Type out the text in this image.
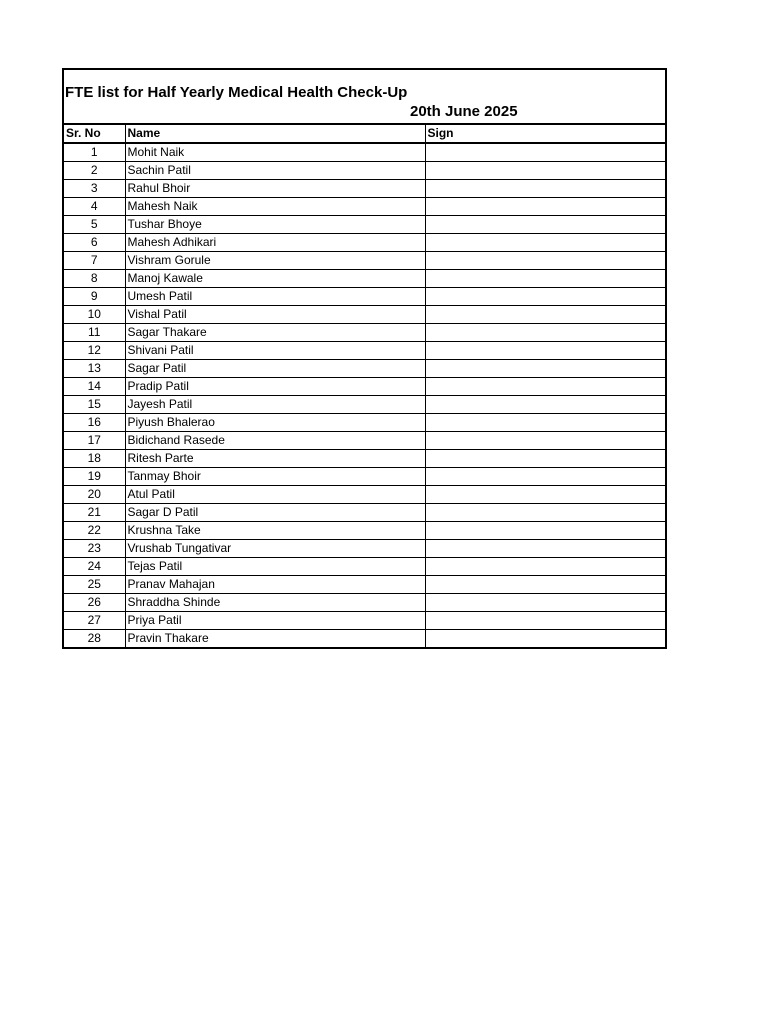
FTE list for Half Yearly Medical Health Check-Up
20th June 2025
Sr. No	Name	Sign
1	Mohit Naik	
2	Sachin Patil	
3	Rahul Bhoir	
4	Mahesh Naik	
5	Tushar Bhoye	
6	Mahesh Adhikari	
7	Vishram Gorule	
8	Manoj Kawale	
9	Umesh Patil	
10	Vishal Patil	
11	Sagar Thakare	
12	Shivani Patil	
13	Sagar Patil	
14	Pradip Patil	
15	Jayesh Patil	
16	Piyush Bhalerao	
17	Bidichand Rasede	
18	Ritesh Parte	
19	Tanmay Bhoir	
20	Atul Patil	
21	Sagar D Patil	
22	Krushna Take	
23	Vrushab Tungativar	
24	Tejas Patil	
25	Pranav Mahajan	
26	Shraddha Shinde	
27	Priya Patil	
28	Pravin Thakare	
